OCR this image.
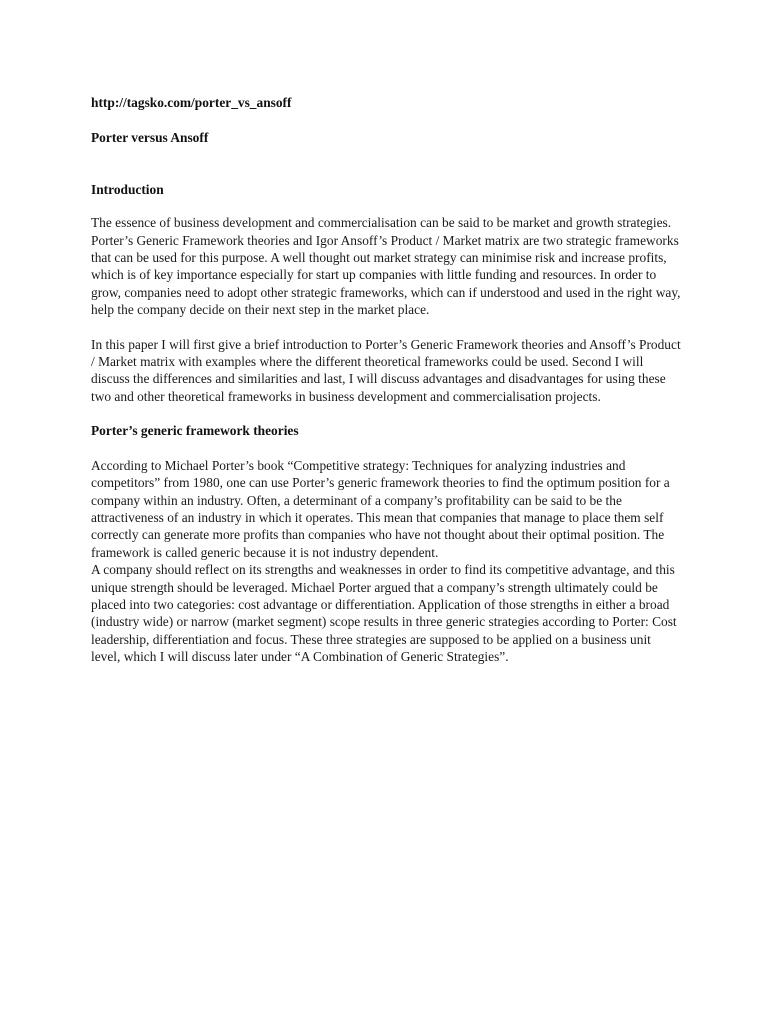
http://tagsko.com/porter_vs_ansoff

Porter versus Ansoff

Introduction

The essence of business development and commercialisation can be said to be market and growth strategies. Porter’s Generic Framework theories and Igor Ansoff’s Product / Market matrix are two strategic frameworks that can be used for this purpose. A well thought out market strategy can minimise risk and increase profits, which is of key importance especially for start up companies with little funding and resources. In order to grow, companies need to adopt other strategic frameworks, which can if understood and used in the right way, help the company decide on their next step in the market place.

In this paper I will first give a brief introduction to Porter’s Generic Framework theories and Ansoff’s Product / Market matrix with examples where the different theoretical frameworks could be used. Second I will discuss the differences and similarities and last, I will discuss advantages and disadvantages for using these two and other theoretical frameworks in business development and commercialisation projects.

Porter’s generic framework theories

According to Michael Porter’s book “Competitive strategy: Techniques for analyzing industries and competitors” from 1980, one can use Porter’s generic framework theories to find the optimum position for a company within an industry. Often, a determinant of a company’s profitability can be said to be the attractiveness of an industry in which it operates. This mean that companies that manage to place them self correctly can generate more profits than companies who have not thought about their optimal position. The framework is called generic because it is not industry dependent.

A company should reflect on its strengths and weaknesses in order to find its competitive advantage, and this unique strength should be leveraged. Michael Porter argued that a company’s strength ultimately could be placed into two categories: cost advantage or differentiation. Application of those strengths in either a broad (industry wide) or narrow (market segment) scope results in three generic strategies according to Porter: Cost leadership, differentiation and focus. These three strategies are supposed to be applied on a business unit level, which I will discuss later under “A Combination of Generic Strategies”.
